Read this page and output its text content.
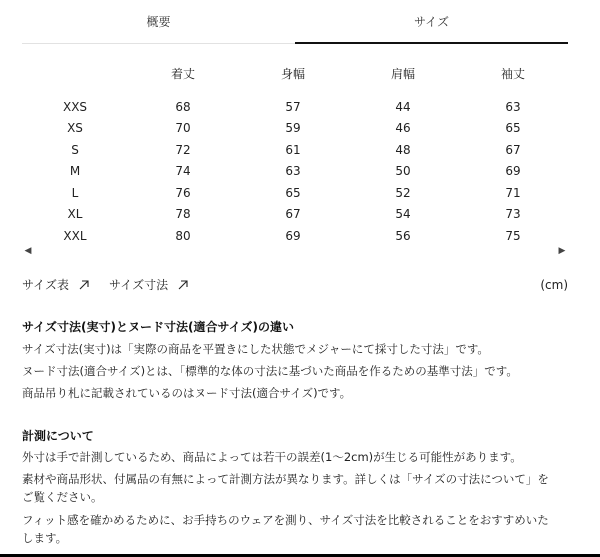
概要	サイズ
	着丈	身幅	肩幅	袖丈
XXS	68	57	44	63
XS	70	59	46	65
S	72	61	48	67
M	74	63	50	69
L	76	65	52	71
XL	78	67	54	73
XXL	80	69	56	75
◀	▶
サイズ表	サイズ寸法	(cm)
サイズ寸法(実寸)とヌード寸法(適合サイズ)の違い
サイズ寸法(実寸)は「実際の商品を平置きにした状態でメジャーにて採寸した寸法」です。
ヌード寸法(適合サイズ)とは、「標準的な体の寸法に基づいた商品を作るための基準寸法」です。
商品吊り札に記載されているのはヌード寸法(適合サイズ)です。
計測について
外寸は手で計測しているため、商品によっては若干の誤差(1〜2cm)が生じる可能性があります。
素材や商品形状、付属品の有無によって計測方法が異なります。詳しくは「サイズの寸法について」を
ご覧ください。
フィット感を確かめるために、お手持ちのウェアを測り、サイズ寸法を比較されることをおすすめいた
します。
